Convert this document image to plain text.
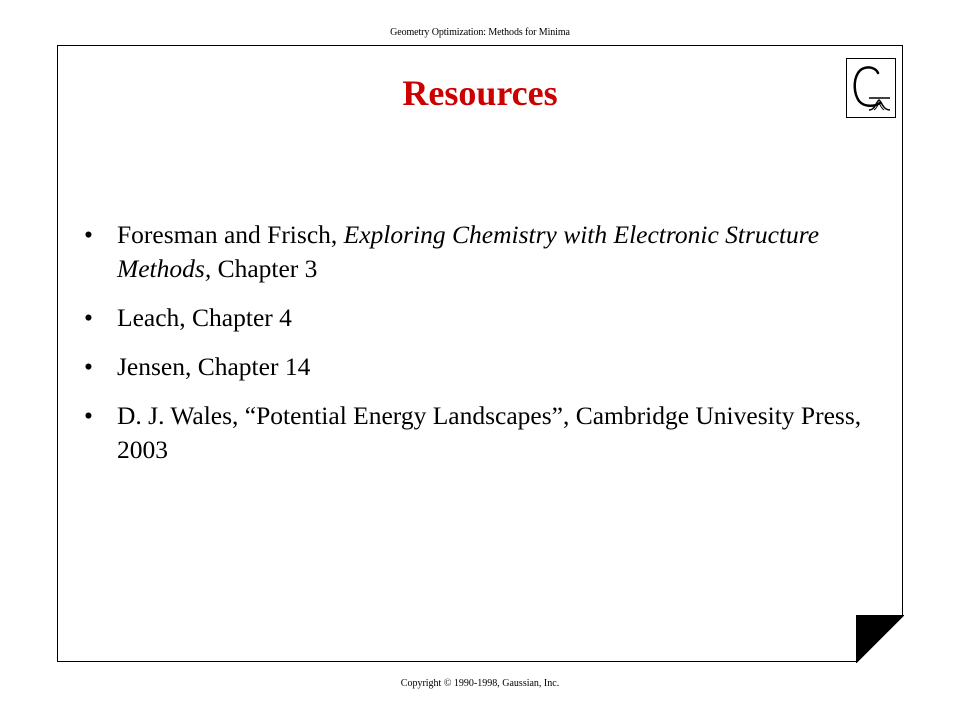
Geometry Optimization: Methods for Minima
Resources
• Foresman and Frisch, Exploring Chemistry with Electronic Structure Methods, Chapter 3
• Leach, Chapter 4
• Jensen, Chapter 14
• D. J. Wales, “Potential Energy Landscapes”, Cambridge Univesity Press, 2003
Copyright © 1990-1998, Gaussian, Inc.
